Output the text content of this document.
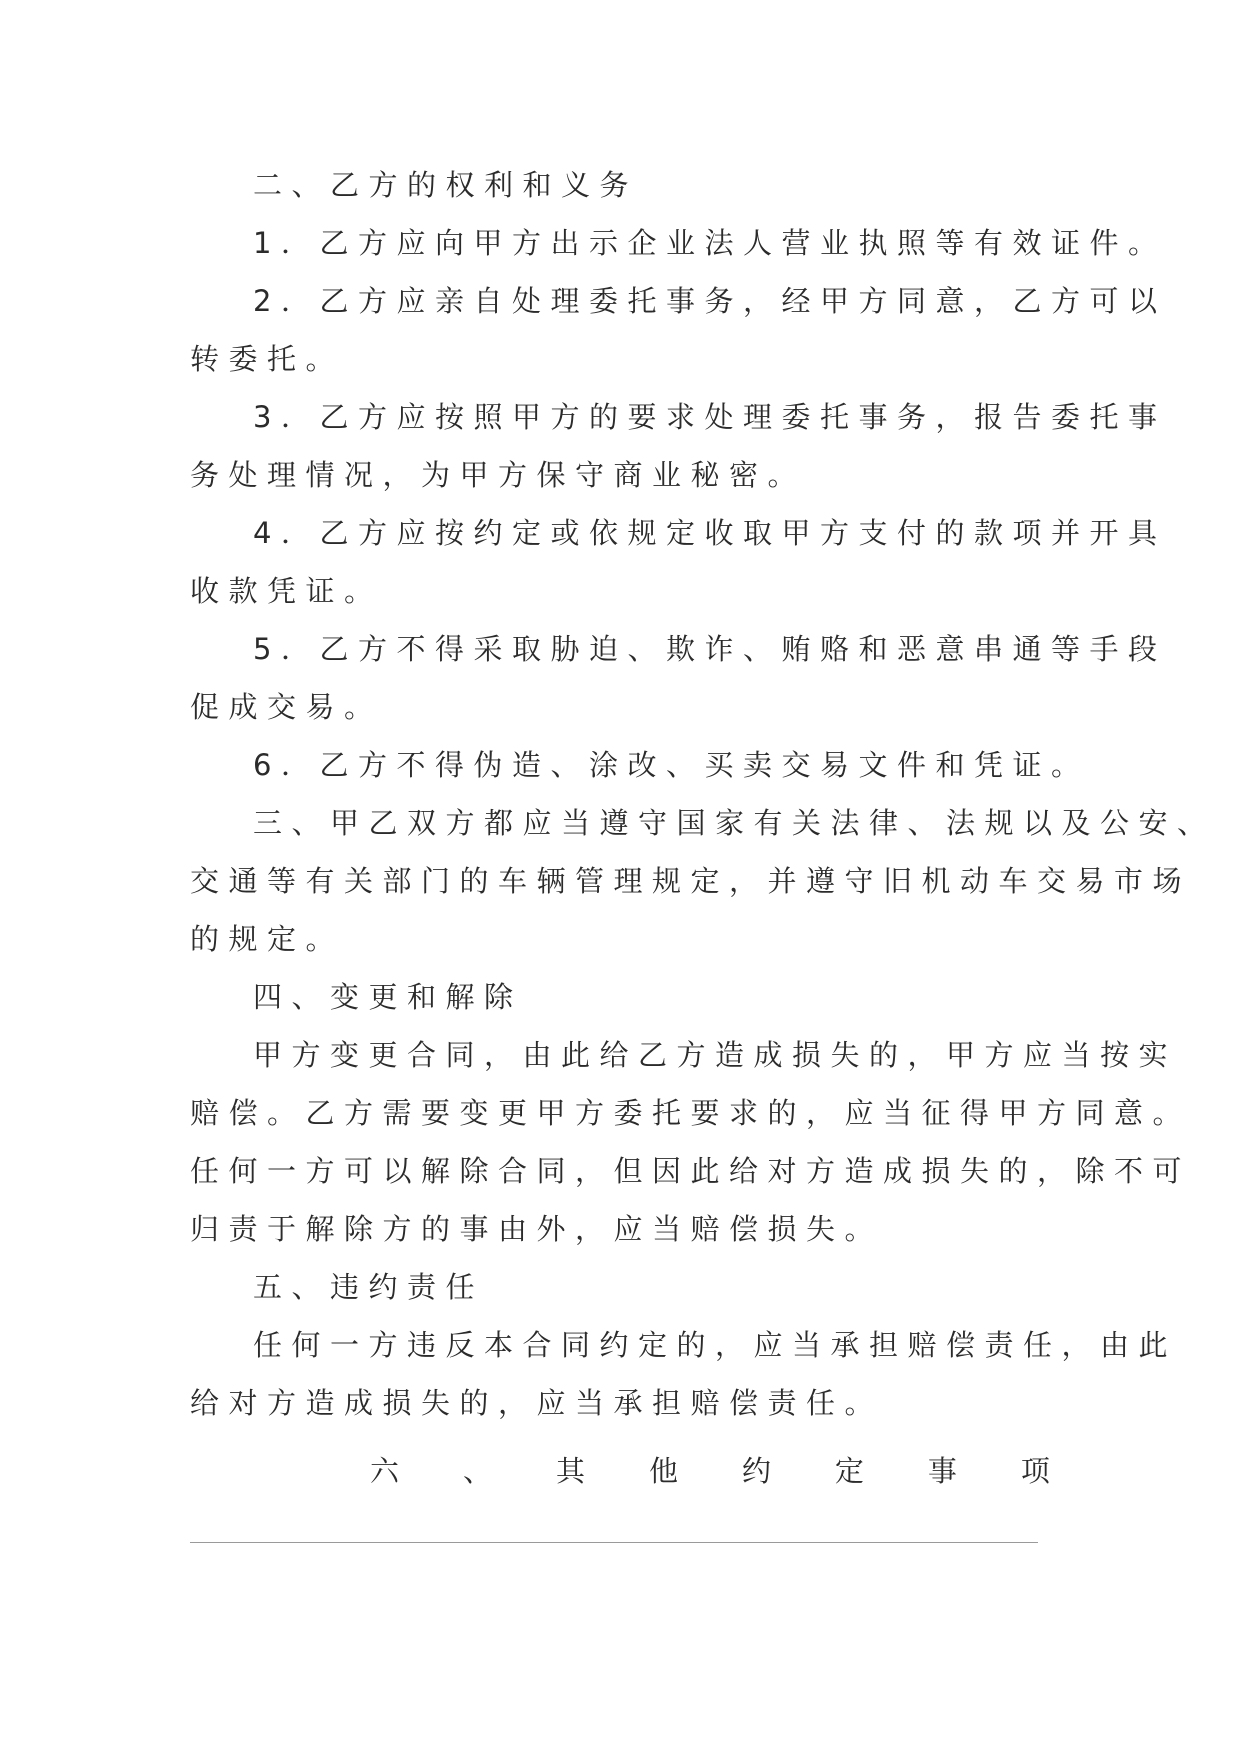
二、乙方的权利和义务
1．乙方应向甲方出示企业法人营业执照等有效证件。
2．乙方应亲自处理委托事务，经甲方同意，乙方可以
转委托。
3．乙方应按照甲方的要求处理委托事务，报告委托事
务处理情况，为甲方保守商业秘密。
4．乙方应按约定或依规定收取甲方支付的款项并开具
收款凭证。
5．乙方不得采取胁迫、欺诈、贿赂和恶意串通等手段
促成交易。
6．乙方不得伪造、涂改、买卖交易文件和凭证。
三、甲乙双方都应当遵守国家有关法律、法规以及公安、
交通等有关部门的车辆管理规定，并遵守旧机动车交易市场
的规定。
四、变更和解除
甲方变更合同，由此给乙方造成损失的，甲方应当按实
赔偿。乙方需要变更甲方委托要求的，应当征得甲方同意。
任何一方可以解除合同，但因此给对方造成损失的，除不可
归责于解除方的事由外，应当赔偿损失。
五、违约责任
任何一方违反本合同约定的，应当承担赔偿责任，由此
给对方造成损失的，应当承担赔偿责任。
六 、 其 他 约 定 事 项
